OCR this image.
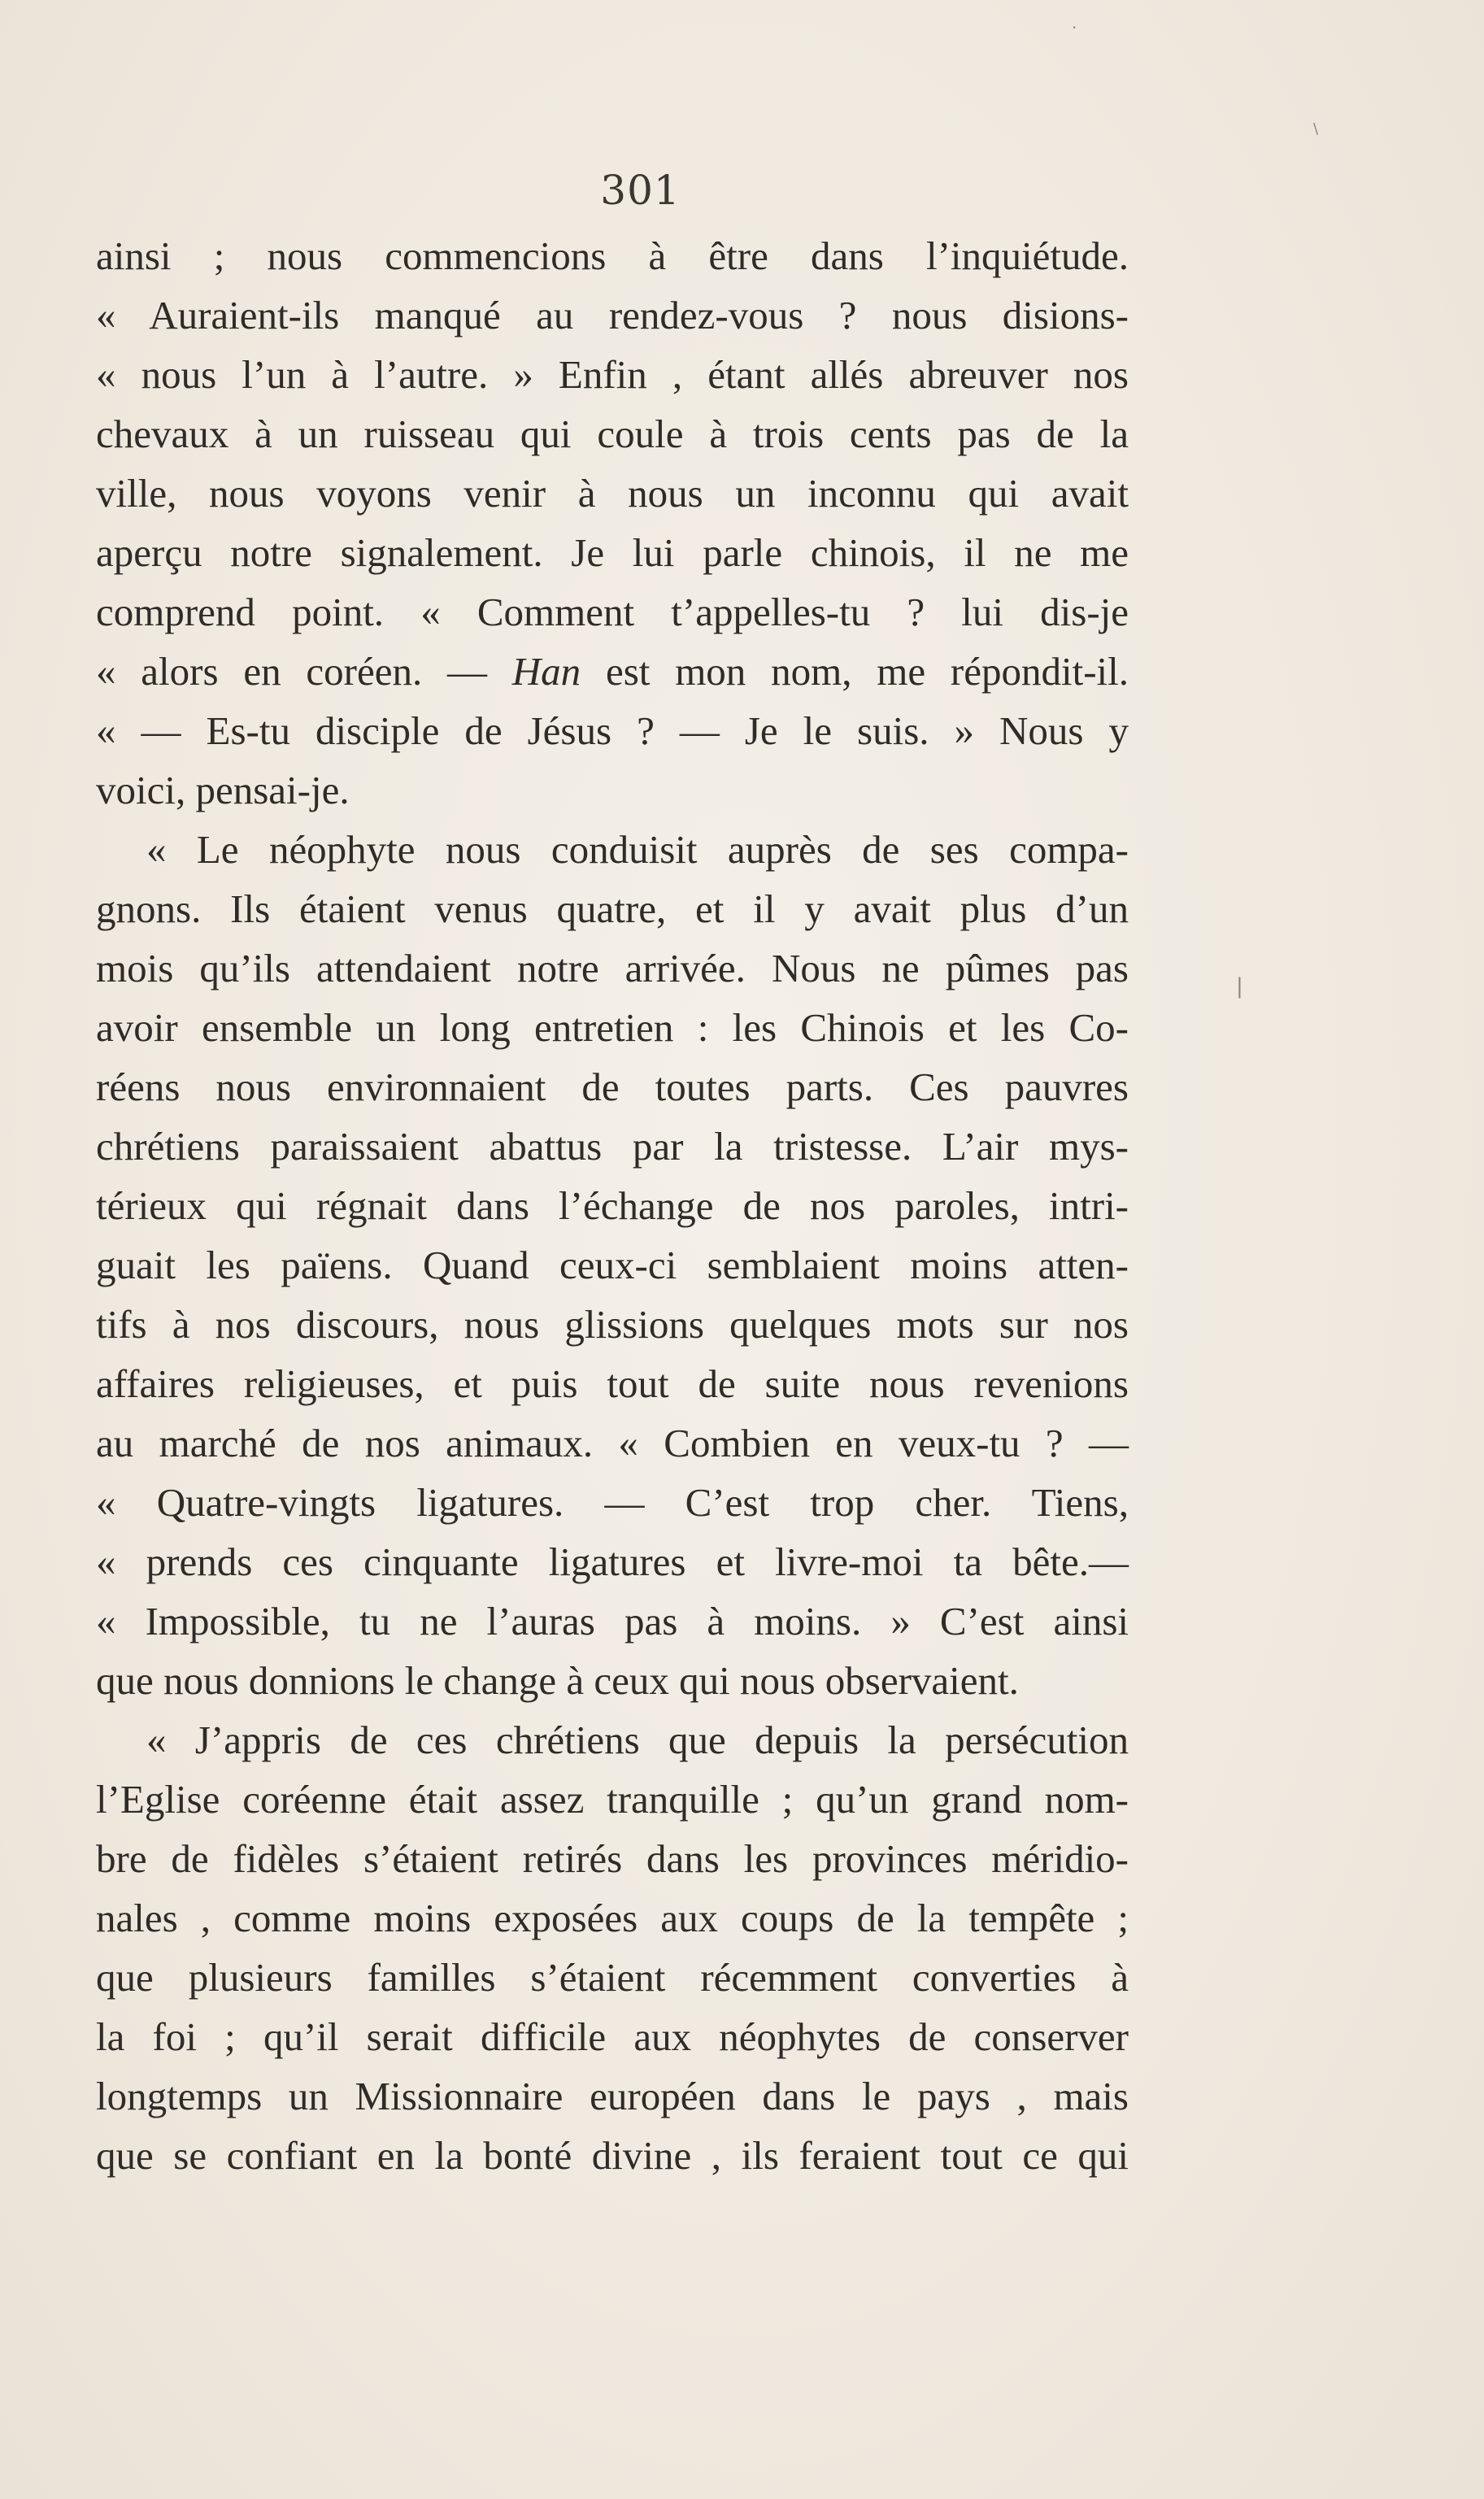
·
\
|
301
ainsi ; nous commencions à être dans l’inquiétude.
« Auraient-ils manqué au rendez-vous ? nous disions-
« nous l’un à l’autre. » Enfin , étant allés abreuver nos
chevaux à un ruisseau qui coule à trois cents pas de la
ville, nous voyons venir à nous un inconnu qui avait
aperçu notre signalement. Je lui parle chinois, il ne me
comprend point. « Comment t’appelles-tu ? lui dis-je
« alors en coréen. — Han est mon nom, me répondit-il.
« — Es-tu disciple de Jésus ? — Je le suis. » Nous y
voici, pensai-je.
« Le néophyte nous conduisit auprès de ses compa-
gnons. Ils étaient venus quatre, et il y avait plus d’un
mois qu’ils attendaient notre arrivée. Nous ne pûmes pas
avoir ensemble un long entretien : les Chinois et les Co-
réens nous environnaient de toutes parts. Ces pauvres
chrétiens paraissaient abattus par la tristesse. L’air mys-
térieux qui régnait dans l’échange de nos paroles, intri-
guait les païens. Quand ceux-ci semblaient moins atten-
tifs à nos discours, nous glissions quelques mots sur nos
affaires religieuses, et puis tout de suite nous revenions
au marché de nos animaux. « Combien en veux-tu ? —
« Quatre-vingts ligatures. — C’est trop cher. Tiens,
« prends ces cinquante ligatures et livre-moi ta bête.—
« Impossible, tu ne l’auras pas à moins. » C’est ainsi
que nous donnions le change à ceux qui nous observaient.
« J’appris de ces chrétiens que depuis la persécution
l’Eglise coréenne était assez tranquille ; qu’un grand nom-
bre de fidèles s’étaient retirés dans les provinces méridio-
nales , comme moins exposées aux coups de la tempête ;
que plusieurs familles s’étaient récemment converties à
la foi ; qu’il serait difficile aux néophytes de conserver
longtemps un Missionnaire européen dans le pays , mais
que se confiant en la bonté divine , ils feraient tout ce qui
